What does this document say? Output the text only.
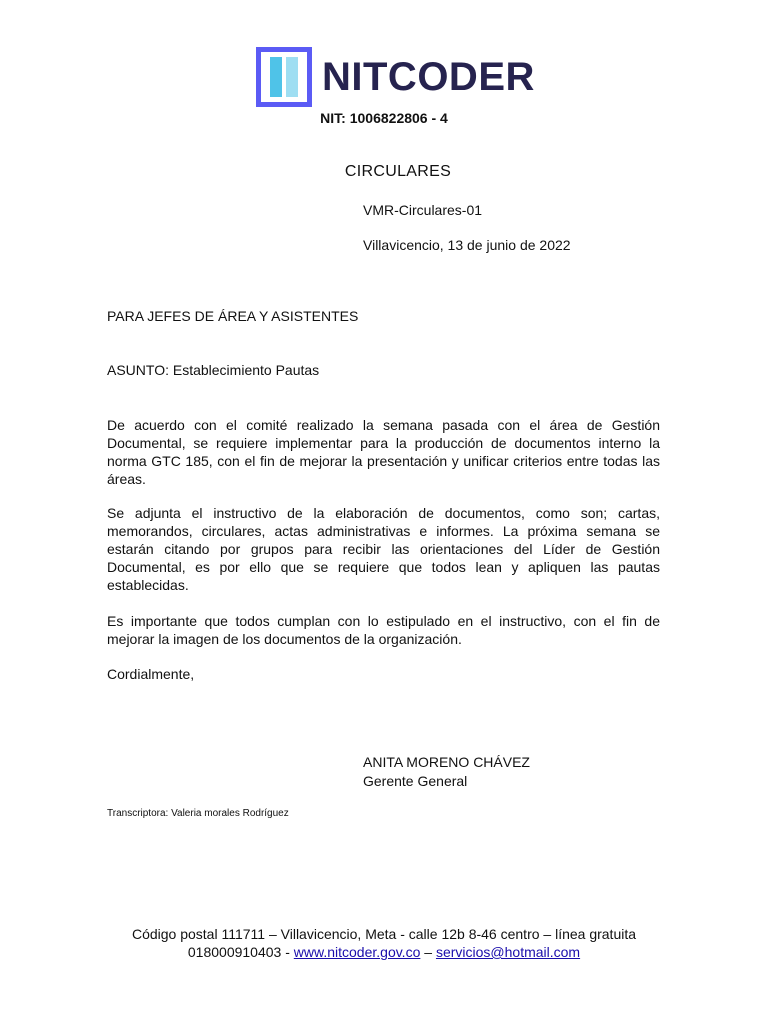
NITCODER
NIT: 1006822806 - 4
CIRCULARES
VMR-Circulares-01
Villavicencio, 13 de junio de 2022
PARA JEFES DE ÁREA Y ASISTENTES
ASUNTO: Establecimiento Pautas

De acuerdo con el comité realizado la semana pasada con el área de Gestión Documental, se requiere implementar para la producción de documentos interno la norma GTC 185, con el fin de mejorar la presentación y unificar criterios entre todas las áreas.

Se adjunta el instructivo de la elaboración de documentos, como son; cartas, memorandos, circulares, actas administrativas e informes. La próxima semana se estarán citando por grupos para recibir las orientaciones del Líder de Gestión Documental, es por ello que se requiere que todos lean y apliquen las pautas establecidas.

Es importante que todos cumplan con lo estipulado en el instructivo, con el fin de mejorar la imagen de los documentos de la organización.

Cordialmente,
ANITA MORENO CHÁVEZ
Gerente General
Transcriptora: Valeria morales Rodríguez
Código postal 111711 – Villavicencio, Meta - calle 12b 8-46 centro – línea gratuita
018000910403 - www.nitcoder.gov.co – servicios@hotmail.com
